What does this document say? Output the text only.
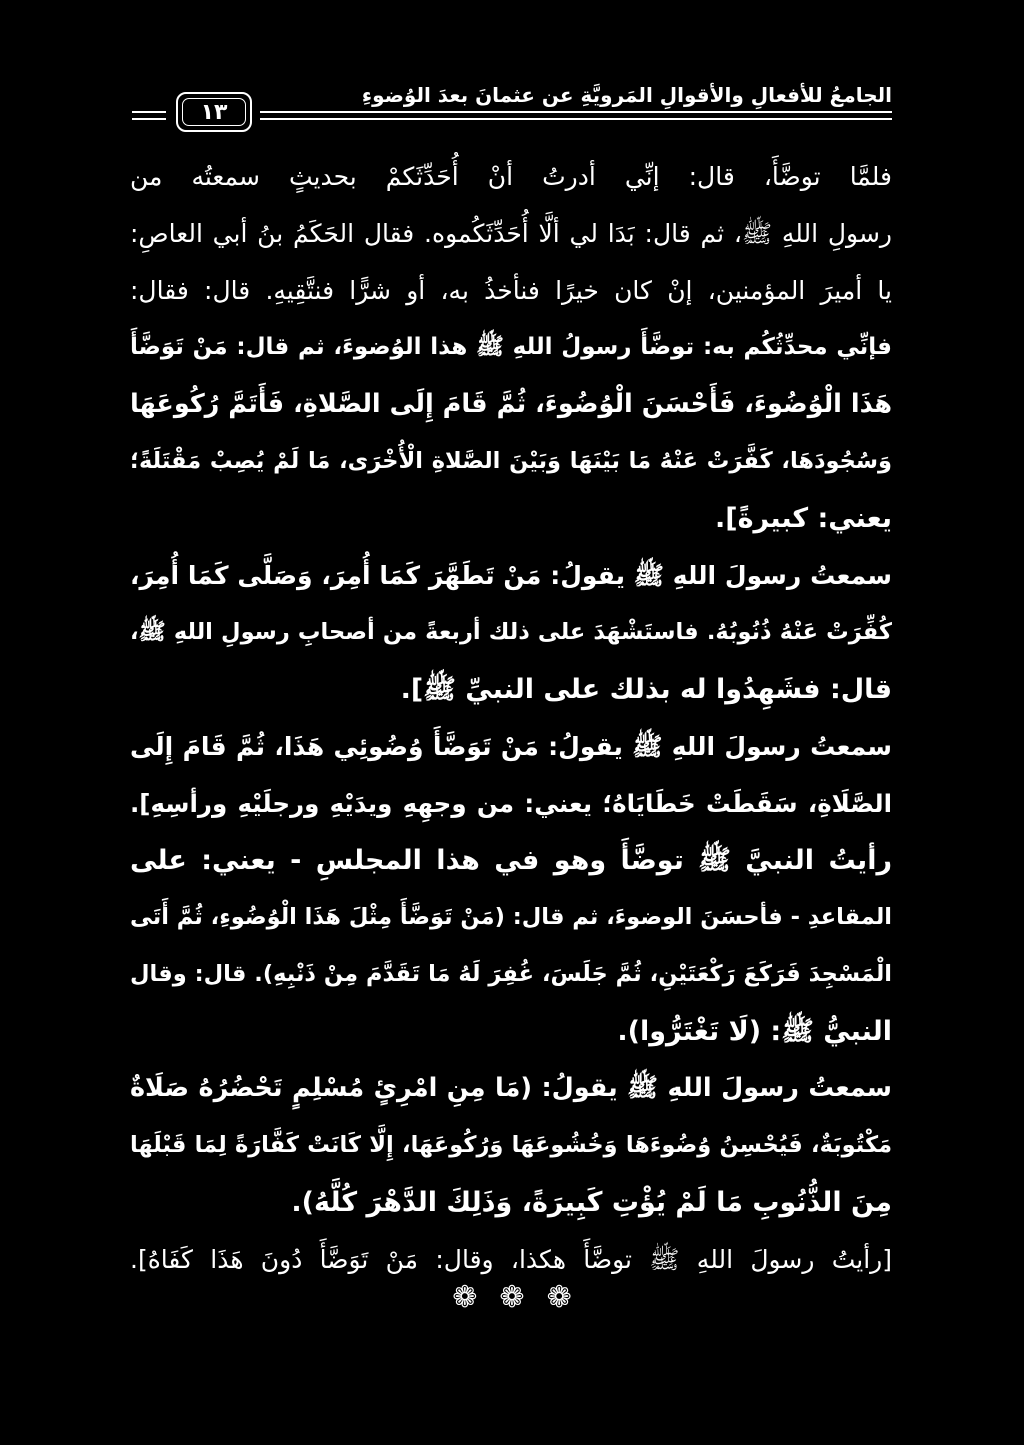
الجامعُ للأفعالِ والأقوالِ المَرويَّةِ عن عثمانَ بعدَ الوُضوءِ
١٣
فلمَّا توضَّأَ، قال: إنِّي أدرتُ أنْ أُحَدِّثَكمْ بحديثٍ سمعتُه من
رسولِ اللهِ ﷺ، ثم قال: بَدَا لي ألَّا أُحَدِّثَكُموه. فقال الحَكَمُ بنُ أبي العاصِ:
يا أميرَ المؤمنين، إنْ كان خيرًا فنأخذُ به، أو شرًّا فنتَّقِيهِ. قال: فقال:
فإنِّي محدِّثُكُم به: توضَّأَ رسولُ اللهِ ﷺ هذا الوُضوءَ، ثم قال: مَنْ تَوَضَّأَ
هَذَا الْوُضُوءَ، فَأَحْسَنَ الْوُضُوءَ، ثُمَّ قَامَ إِلَى الصَّلاةِ، فَأَتَمَّ رُكُوعَهَا
وَسُجُودَهَا، كَفَّرَتْ عَنْهُ مَا بَيْنَهَا وَبَيْنَ الصَّلاةِ الْأُخْرَى، مَا لَمْ يُصِبْ مَقْتَلَةً؛
يعني: كبيرةً].
سمعتُ رسولَ اللهِ ﷺ يقولُ: مَنْ تَطَهَّرَ كَمَا أُمِرَ، وَصَلَّى كَمَا أُمِرَ،
كُفِّرَتْ عَنْهُ ذُنُوبُهُ. فاستَشْهَدَ على ذلك أربعةً من أصحابِ رسولِ اللهِ ﷺ،
قال: فشَهِدُوا له بذلك على النبيِّ ﷺ].
سمعتُ رسولَ اللهِ ﷺ يقولُ: مَنْ تَوَضَّأَ وُضُوئِي هَذَا، ثُمَّ قَامَ إِلَى
الصَّلَاةِ، سَقَطَتْ خَطَايَاهُ؛ يعني: من وجهِهِ ويدَيْهِ ورجلَيْهِ ورأسِهِ].
رأيتُ النبيَّ ﷺ توضَّأَ وهو في هذا المجلسِ - يعني: على
المقاعدِ - فأحسَنَ الوضوءَ، ثم قال: (مَنْ تَوَضَّأَ مِثْلَ هَذَا الْوُضُوءِ، ثُمَّ أَتَى
الْمَسْجِدَ فَرَكَعَ رَكْعَتَيْنِ، ثُمَّ جَلَسَ، غُفِرَ لَهُ مَا تَقَدَّمَ مِنْ ذَنْبِهِ). قال: وقال
النبيُّ ﷺ: (لَا تَغْتَرُّوا).
سمعتُ رسولَ اللهِ ﷺ يقولُ: (مَا مِنِ امْرِئٍ مُسْلِمٍ تَحْضُرُهُ صَلَاةٌ
مَكْتُوبَةٌ، فَيُحْسِنُ وُضُوءَهَا وَخُشُوعَهَا وَرُكُوعَهَا، إِلَّا كَانَتْ كَفَّارَةً لِمَا قَبْلَهَا
مِنَ الذُّنُوبِ مَا لَمْ يُؤْتِ كَبِيرَةً، وَذَلِكَ الدَّهْرَ كُلَّهُ).
[رأيتُ رسولَ اللهِ ﷺ توضَّأَ هكذا، وقال: مَنْ تَوَضَّأَ دُونَ هَذَا كَفَاهُ].
❁ ❁ ❁
